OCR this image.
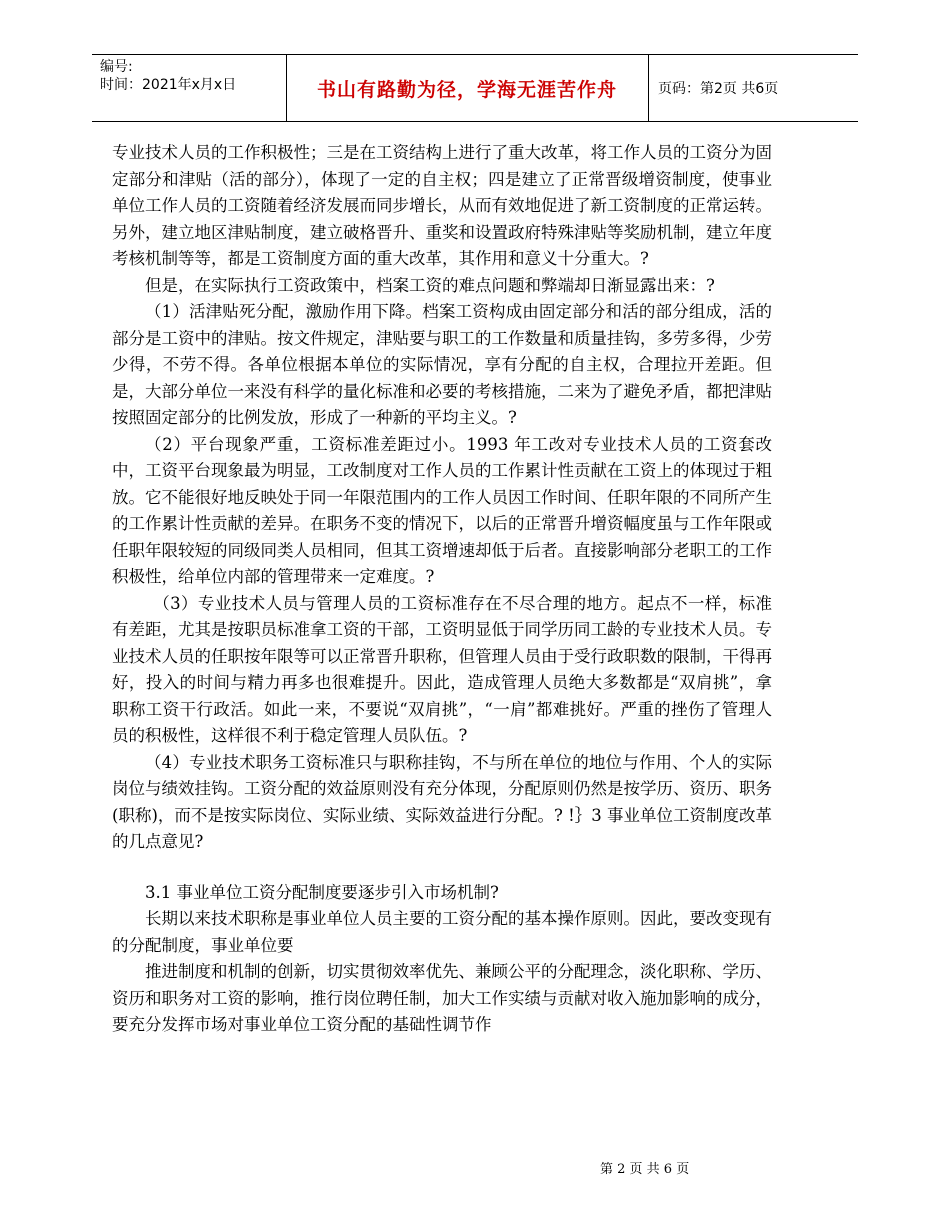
编号:
时间：2021年x月x日	书山有路勤为径，学海无涯苦作舟	页码：第2页 共6页

专业技术人员的工作积极性；三是在工资结构上进行了重大改革，将工作人员的工资分为固定部分和津贴（活的部分），体现了一定的自主权；四是建立了正常晋级增资制度，使事业单位工作人员的工资随着经济发展而同步增长，从而有效地促进了新工资制度的正常运转。另外，建立地区津贴制度，建立破格晋升、重奖和设置政府特殊津贴等奖励机制，建立年度考核机制等等，都是工资制度方面的重大改革，其作用和意义十分重大。?

但是，在实际执行工资政策中，档案工资的难点问题和弊端却日渐显露出来：?

（1）活津贴死分配，激励作用下降。档案工资构成由固定部分和活的部分组成，活的部分是工资中的津贴。按文件规定，津贴要与职工的工作数量和质量挂钩，多劳多得，少劳少得，不劳不得。各单位根据本单位的实际情况，享有分配的自主权，合理拉开差距。但是，大部分单位一来没有科学的量化标准和必要的考核措施，二来为了避免矛盾，都把津贴按照固定部分的比例发放，形成了一种新的平均主义。?

（2）平台现象严重，工资标准差距过小。1993 年工改对专业技术人员的工资套改中，工资平台现象最为明显，工改制度对工作人员的工作累计性贡献在工资上的体现过于粗放。它不能很好地反映处于同一年限范围内的工作人员因工作时间、任职年限的不同所产生的工作累计性贡献的差异。在职务不变的情况下，以后的正常晋升增资幅度虽与工作年限或任职年限较短的同级同类人员相同，但其工资增速却低于后者。直接影响部分老职工的工作积极性，给单位内部的管理带来一定难度。?

（3）专业技术人员与管理人员的工资标准存在不尽合理的地方。起点不一样，标准有差距，尤其是按职员标准拿工资的干部，工资明显低于同学历同工龄的专业技术人员。专业技术人员的任职按年限等可以正常晋升职称，但管理人员由于受行政职数的限制，干得再好，投入的时间与精力再多也很难提升。因此，造成管理人员绝大多数都是“双肩挑”，拿职称工资干行政活。如此一来，不要说“双肩挑”，“一肩”都难挑好。严重的挫伤了管理人员的积极性，这样很不利于稳定管理人员队伍。?

（4）专业技术职务工资标准只与职称挂钩，不与所在单位的地位与作用、个人的实际岗位与绩效挂钩。工资分配的效益原则没有充分体现，分配原则仍然是按学历、资历、职务(职称)，而不是按实际岗位、实际业绩、实际效益进行分配。? !｝3 事业单位工资制度改革的几点意见?

3.1 事业单位工资分配制度要逐步引入市场机制?

长期以来技术职称是事业单位人员主要的工资分配的基本操作原则。因此，要改变现有的分配制度，事业单位要

推进制度和机制的创新，切实贯彻效率优先、兼顾公平的分配理念，淡化职称、学历、资历和职务对工资的影响，推行岗位聘任制，加大工作实绩与贡献对收入施加影响的成分，要充分发挥市场对事业单位工资分配的基础性调节作

第 2 页 共 6 页
